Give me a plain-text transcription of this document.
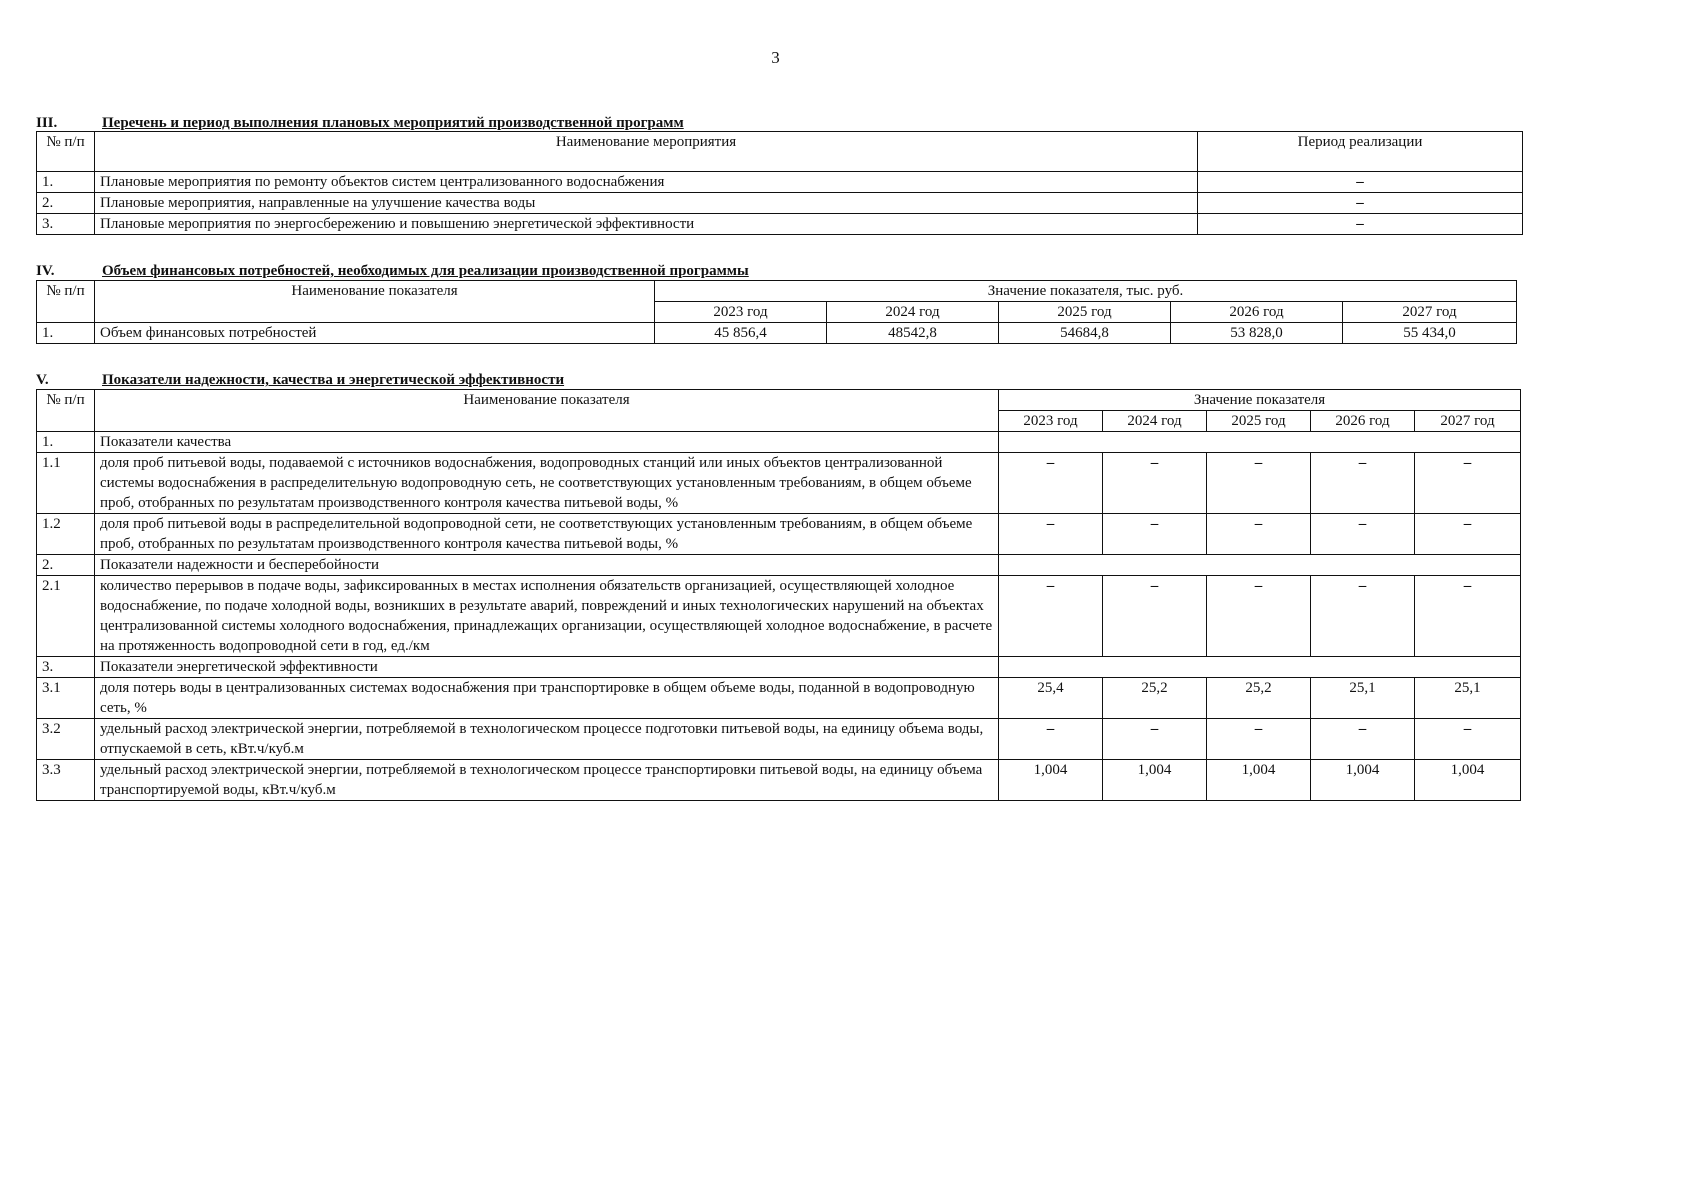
3
III.	Перечень и период выполнения плановых мероприятий производственной программ
№ п/п	Наименование мероприятия	Период реализации
1.	Плановые мероприятия по ремонту объектов систем централизованного водоснабжения	–
2.	Плановые мероприятия, направленные на улучшение качества воды	–
3.	Плановые мероприятия по энергосбережению и повышению энергетической эффективности	–
IV.	Объем финансовых потребностей, необходимых для реализации производственной программы
№ п/п	Наименование показателя	Значение показателя, тыс. руб.				
		2023 год	2024 год	2025 год	2026 год	2027 год
1.	Объем финансовых потребностей	45 856,4	48542,8	54684,8	53 828,0	55 434,0
V.	Показатели надежности, качества и энергетической эффективности
№ п/п	Наименование показателя	Значение показателя				
		2023 год	2024 год	2025 год	2026 год	2027 год
1.	Показатели качества					
1.1	доля проб питьевой воды, подаваемой с источников водоснабжения, водопроводных станций или иных объектов централизованной системы водоснабжения в распределительную водопроводную сеть, не соответствующих установленным требованиям, в общем объеме проб, отобранных по результатам производственного контроля качества питьевой воды, %	–	–	–	–	–
1.2	доля проб питьевой воды в распределительной водопроводной сети, не соответствующих установленным требованиям, в общем объеме проб, отобранных по результатам производственного контроля качества питьевой воды, %	–	–	–	–	–
2.	Показатели надежности и бесперебойности					
2.1	количество перерывов в подаче воды, зафиксированных в местах исполнения обязательств организацией, осуществляющей холодное водоснабжение, по подаче холодной воды, возникших в результате аварий, повреждений и иных технологических нарушений на объектах централизованной системы холодного водоснабжения, принадлежащих организации, осуществляющей холодное водоснабжение, в расчете на протяженность водопроводной сети в год, ед./км	–	–	–	–	–
3.	Показатели энергетической эффективности					
3.1	доля потерь воды в централизованных системах водоснабжения при транспортировке в общем объеме воды, поданной в водопроводную сеть, %	25,4	25,2	25,2	25,1	25,1
3.2	удельный расход электрической энергии, потребляемой в технологическом процессе подготовки питьевой воды, на единицу объема воды, отпускаемой в сеть, кВт.ч/куб.м	–	–	–	–	–
3.3	удельный расход электрической энергии, потребляемой в технологическом процессе транспортировки питьевой воды, на единицу объема транспортируемой воды, кВт.ч/куб.м	1,004	1,004	1,004	1,004	1,004
